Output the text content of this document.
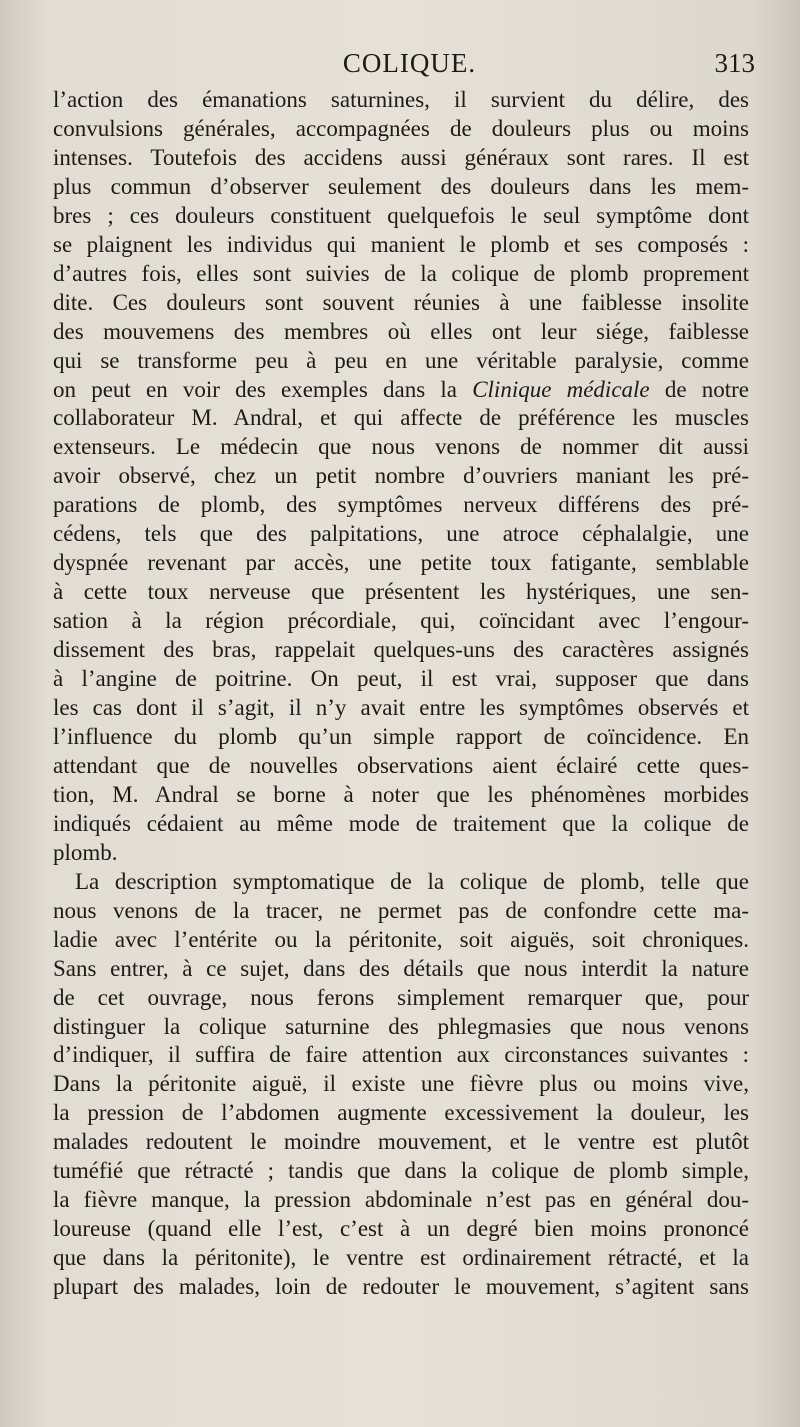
COLIQUE.	313
l’action des émanations saturnines, il survient du délire, des
convulsions générales, accompagnées de douleurs plus ou moins
intenses. Toutefois des accidens aussi généraux sont rares. Il est
plus commun d’observer seulement des douleurs dans les mem-
bres ; ces douleurs constituent quelquefois le seul symptôme dont
se plaignent les individus qui manient le plomb et ses composés :
d’autres fois, elles sont suivies de la colique de plomb proprement
dite. Ces douleurs sont souvent réunies à une faiblesse insolite
des mouvemens des membres où elles ont leur siége, faiblesse
qui se transforme peu à peu en une véritable paralysie, comme
on peut en voir des exemples dans la Clinique médicale de notre
collaborateur M. Andral, et qui affecte de préférence les muscles
extenseurs. Le médecin que nous venons de nommer dit aussi
avoir observé, chez un petit nombre d’ouvriers maniant les pré-
parations de plomb, des symptômes nerveux différens des pré-
cédens, tels que des palpitations, une atroce céphalalgie, une
dyspnée revenant par accès, une petite toux fatigante, semblable
à cette toux nerveuse que présentent les hystériques, une sen-
sation à la région précordiale, qui, coïncidant avec l’engour-
dissement des bras, rappelait quelques-uns des caractères assignés
à l’angine de poitrine. On peut, il est vrai, supposer que dans
les cas dont il s’agit, il n’y avait entre les symptômes observés et
l’influence du plomb qu’un simple rapport de coïncidence. En
attendant que de nouvelles observations aient éclairé cette ques-
tion, M. Andral se borne à noter que les phénomènes morbides
indiqués cédaient au même mode de traitement que la colique de
plomb.
La description symptomatique de la colique de plomb, telle que
nous venons de la tracer, ne permet pas de confondre cette ma-
ladie avec l’entérite ou la péritonite, soit aiguës, soit chroniques.
Sans entrer, à ce sujet, dans des détails que nous interdit la nature
de cet ouvrage, nous ferons simplement remarquer que, pour
distinguer la colique saturnine des phlegmasies que nous venons
d’indiquer, il suffira de faire attention aux circonstances suivantes :
Dans la péritonite aiguë, il existe une fièvre plus ou moins vive,
la pression de l’abdomen augmente excessivement la douleur, les
malades redoutent le moindre mouvement, et le ventre est plutôt
tuméfié que rétracté ; tandis que dans la colique de plomb simple,
la fièvre manque, la pression abdominale n’est pas en général dou-
loureuse (quand elle l’est, c’est à un degré bien moins prononcé
que dans la péritonite), le ventre est ordinairement rétracté, et la
plupart des malades, loin de redouter le mouvement, s’agitent sans
